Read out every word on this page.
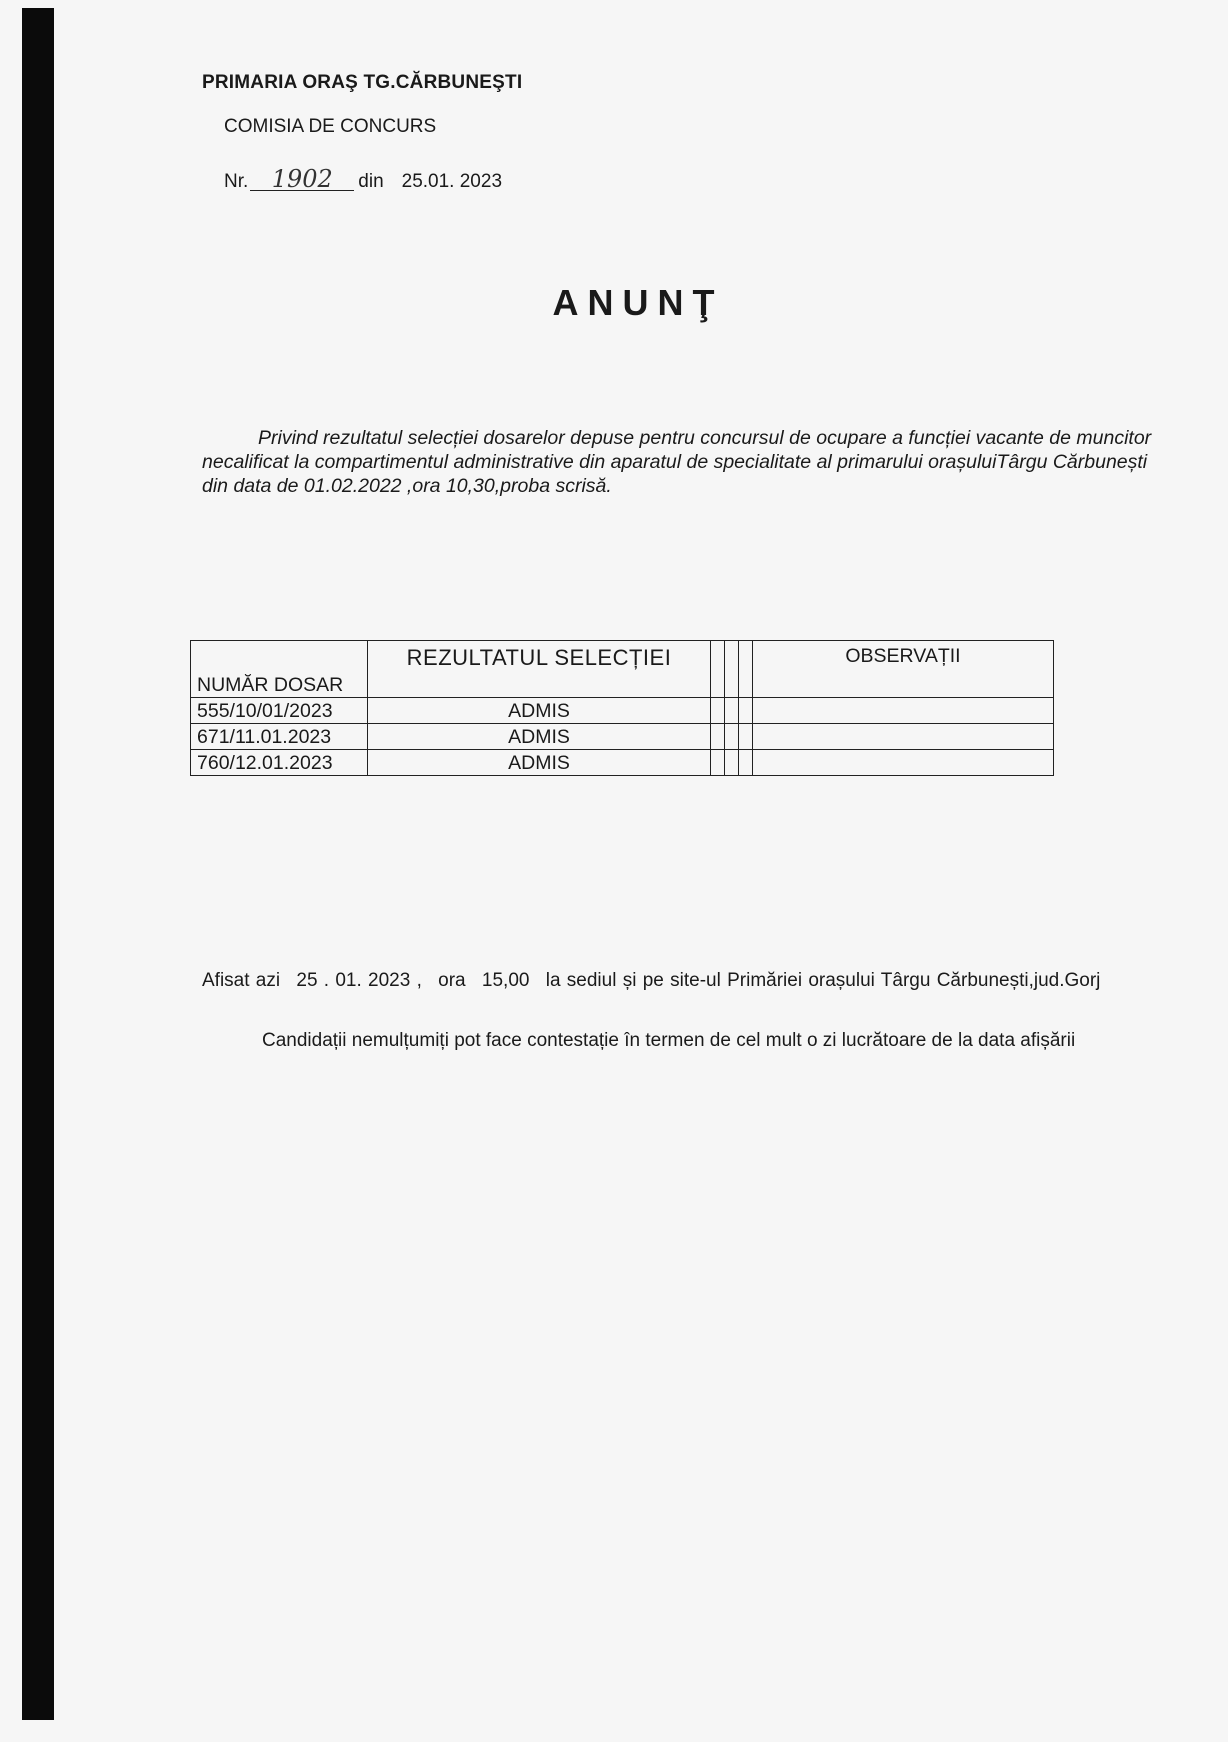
PRIMARIA ORAŞ TG.CĂRBUNEŞTI
COMISIA DE CONCURS
Nr. 1902	din 25.01. 2023
ANUNŢ

Privind rezultatul selecției dosarelor depuse pentru concursul de ocupare a funcției vacante de muncitor necalificat la compartimentul administrative din aparatul de specialitate al primarului orașuluiTârgu Cărbunești din data de 01.02.2022 ,ora 10,30,proba scrisă.

NUMĂR DOSAR	REZULTATUL SELECȚIEI				OBSERVAȚII
555/10/01/2023	ADMIS				
671/11.01.2023	ADMIS				
760/12.01.2023	ADMIS				
Afisat azi 25 . 01. 2023 , ora 15,00 la sediul și pe site-ul Primăriei orașului Târgu Cărbunești,jud.Gorj
Candidații nemulțumiți pot face contestație în termen de cel mult o zi lucrătoare de la data afișării
